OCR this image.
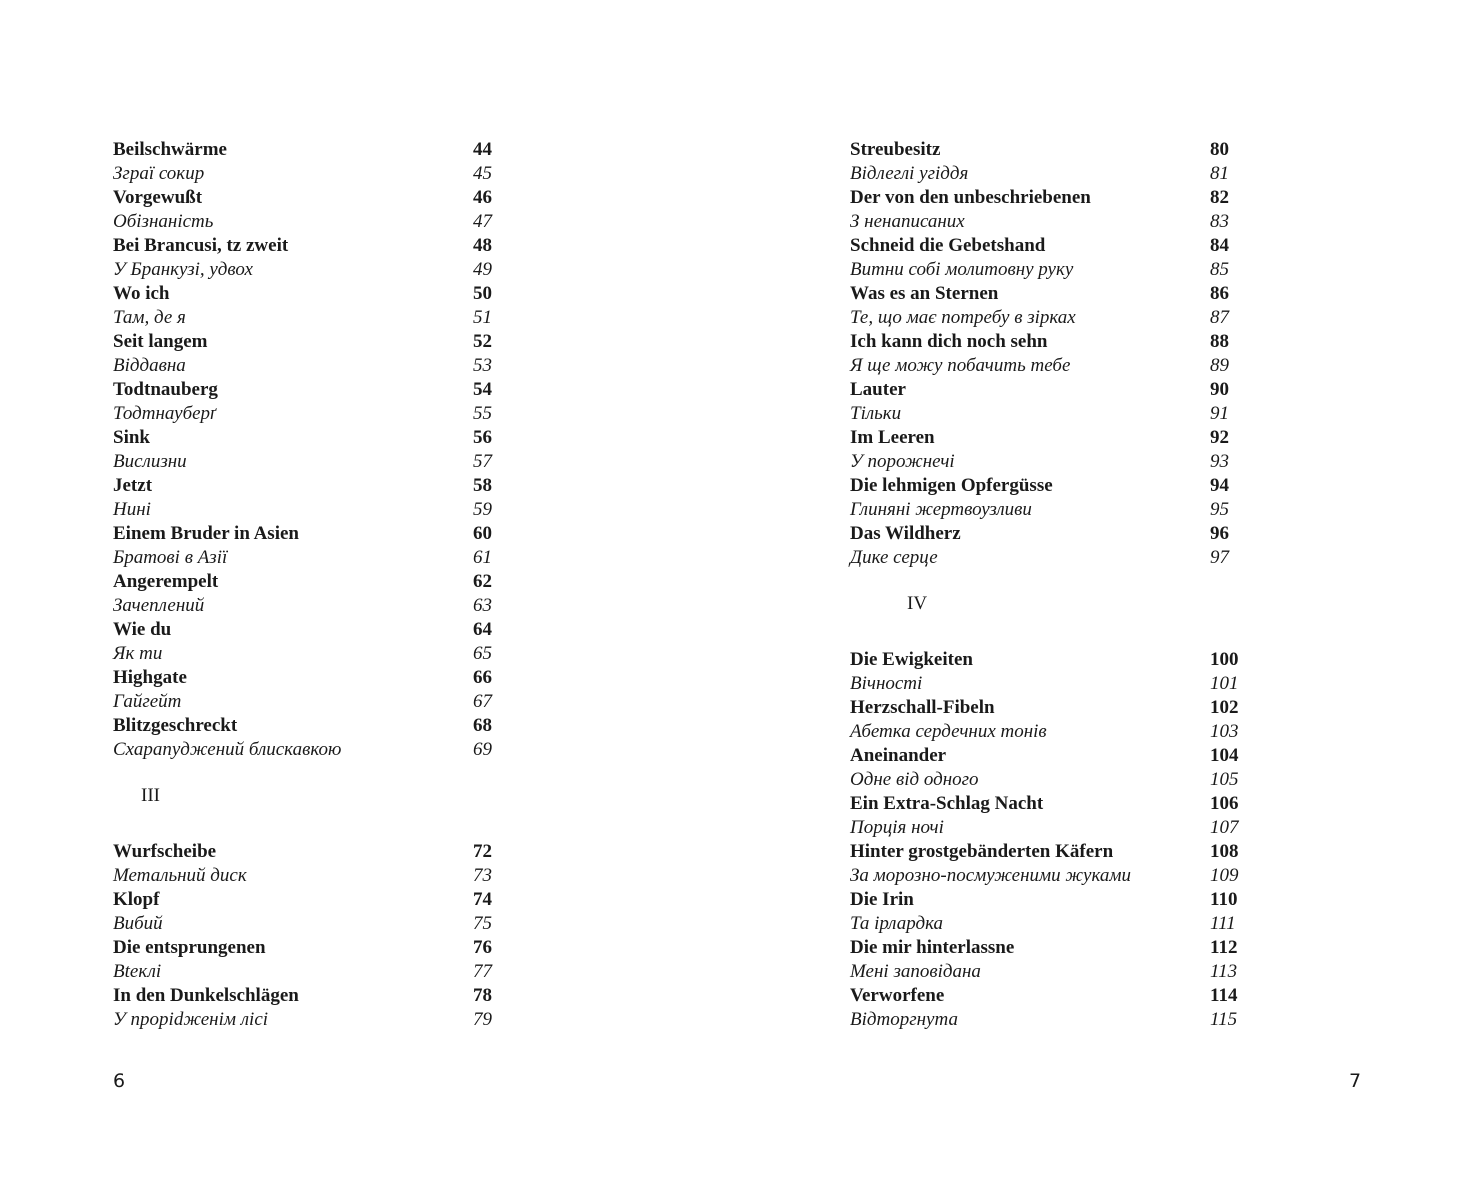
Beilschwärme	44
Зграї сокир	45
Vorgewußt	46
Обізнаність	47
Bei Brancusi, tz zweit	48
У Бранкузі, удвох	49
Wo ich	50
Там, де я	51
Seit langem	52
Віддавна	53
Todtnauberg	54
Тодтнауберґ	55
Sink	56
Вислизни	57
Jetzt	58
Нині	59
Einem Bruder in Asien	60
Братові в Азії	61
Angerempelt	62
Зачеплений	63
Wie du	64
Як ти	65
Highgate	66
Гайгейт	67
Blitzgeschreckt	68
Схарапуджений блискавкою	69
III
Wurfscheibe	72
Метальний диск	73
Klopf	74
Вибий	75
Die entsprungenen	76
Вteклі	77
In den Dunkelschlägen	78
У проріdженім лісі	79
Streubesitz	80
Відлеглі угіддя	81
Der von den unbeschriebenen	82
З ненаписаних	83
Schneid die Gebetshand	84
Витни собі молитовну руку	85
Was es an Sternen	86
Те, що має потребу в зірках	87
Ich kann dich noch sehn	88
Я ще можу побачить тебе	89
Lauter	90
Тільки	91
Im Leeren	92
У порожнечі	93
Die lehmigen Opfergüsse	94
Глиняні жертвоузливи	95
Das Wildherz	96
Дике серце	97
IV
Die Ewigkeiten	100
Вічності	101
Herzschall-Fibeln	102
Абетка сердечних тонів	103
Aneinander	104
Одне від одного	105
Ein Extra-Schlag Nacht	106
Порція ночі	107
Hinter grostgebänderten Käfern	108
За морозно-посмуженими жуками	109
Die Irin	110
Та ірлардка	111
Die mir hinterlassne	112
Мені заповідана	113
Verworfene	114
Відторгнута	115
6	7
